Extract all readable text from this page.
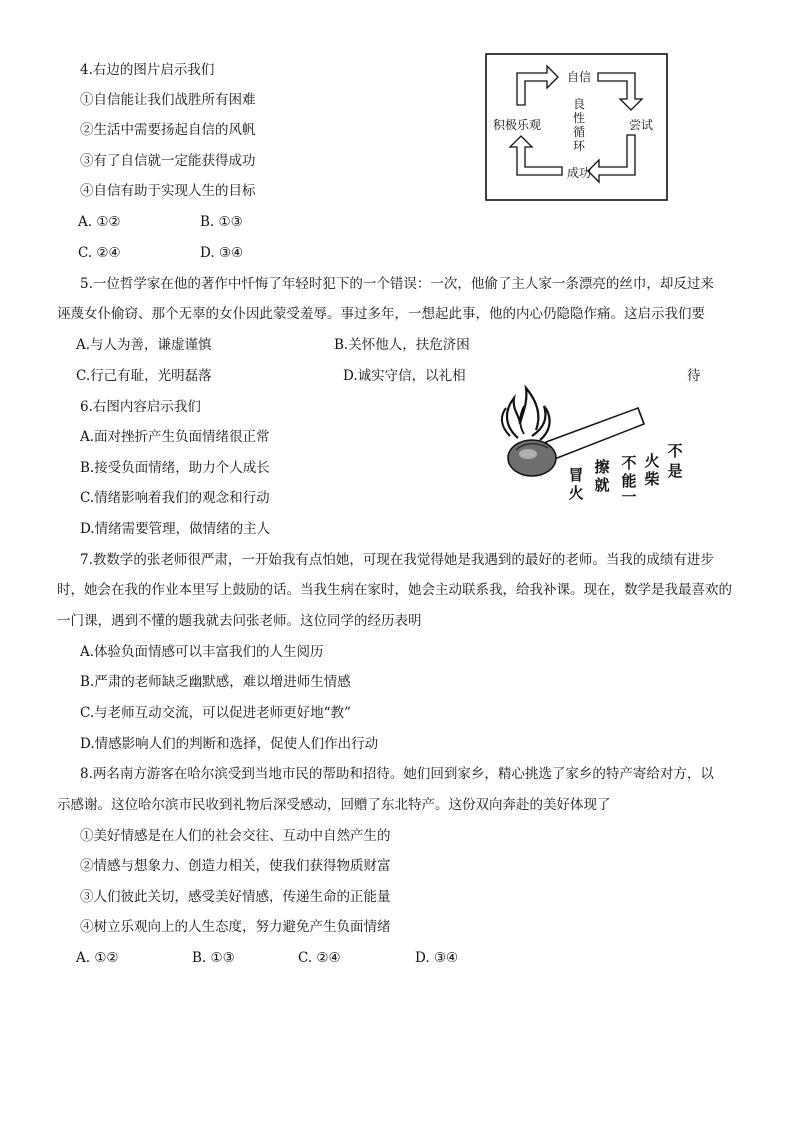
4.右边的图片启示我们
①自信能让我们战胜所有困难
②生活中需要扬起自信的风帆
③有了自信就一定能获得成功
④自信有助于实现人生的目标
A. ①②	B. ①③
C. ②④	D. ③④
自信
尝试
成功
积极乐观
良
性
循
环
5.一位哲学家在他的著作中忏悔了年轻时犯下的一个错误：一次，他偷了主人家一条漂亮的丝巾，却反过来
诬蔑女仆偷窃、那个无辜的女仆因此蒙受羞辱。事过多年，一想起此事，他的内心仍隐隐作痛。这启示我们要
A.与人为善，谦虚谨慎	B.关怀他人，扶危济困
C.行己有耻，光明磊落	D.诚实守信，以礼相	待
6.右图内容启示我们
A.面对挫折产生负面情绪很正常
B.接受负面情绪，助力个人成长
C.情绪影响着我们的观念和行动
D.情绪需要管理，做情绪的主人
冒
火
擦
就
不
能
一
火
柴
不
是
7.教数学的张老师很严肃，一开始我有点怕她，可现在我觉得她是我遇到的最好的老师。当我的成绩有进步
时，她会在我的作业本里写上鼓励的话。当我生病在家时，她会主动联系我，给我补课。现在，数学是我最喜欢的
一门课，遇到不懂的题我就去问张老师。这位同学的经历表明
A.体验负面情感可以丰富我们的人生阅历
B.严肃的老师缺乏幽默感，难以增进师生情感
C.与老师互动交流，可以促进老师更好地“教”
D.情感影响人们的判断和选择，促使人们作出行动
8.两名南方游客在哈尔滨受到当地市民的帮助和招待。她们回到家乡，精心挑选了家乡的特产寄给对方，以
示感谢。这位哈尔滨市民收到礼物后深受感动，回赠了东北特产。这份双向奔赴的美好体现了
①美好情感是在人们的社会交往、互动中自然产生的
②情感与想象力、创造力相关，使我们获得物质财富
③人们彼此关切，感受美好情感，传递生命的正能量
④树立乐观向上的人生态度，努力避免产生负面情绪
A. ①②	B. ①③	C. ②④	D. ③④
